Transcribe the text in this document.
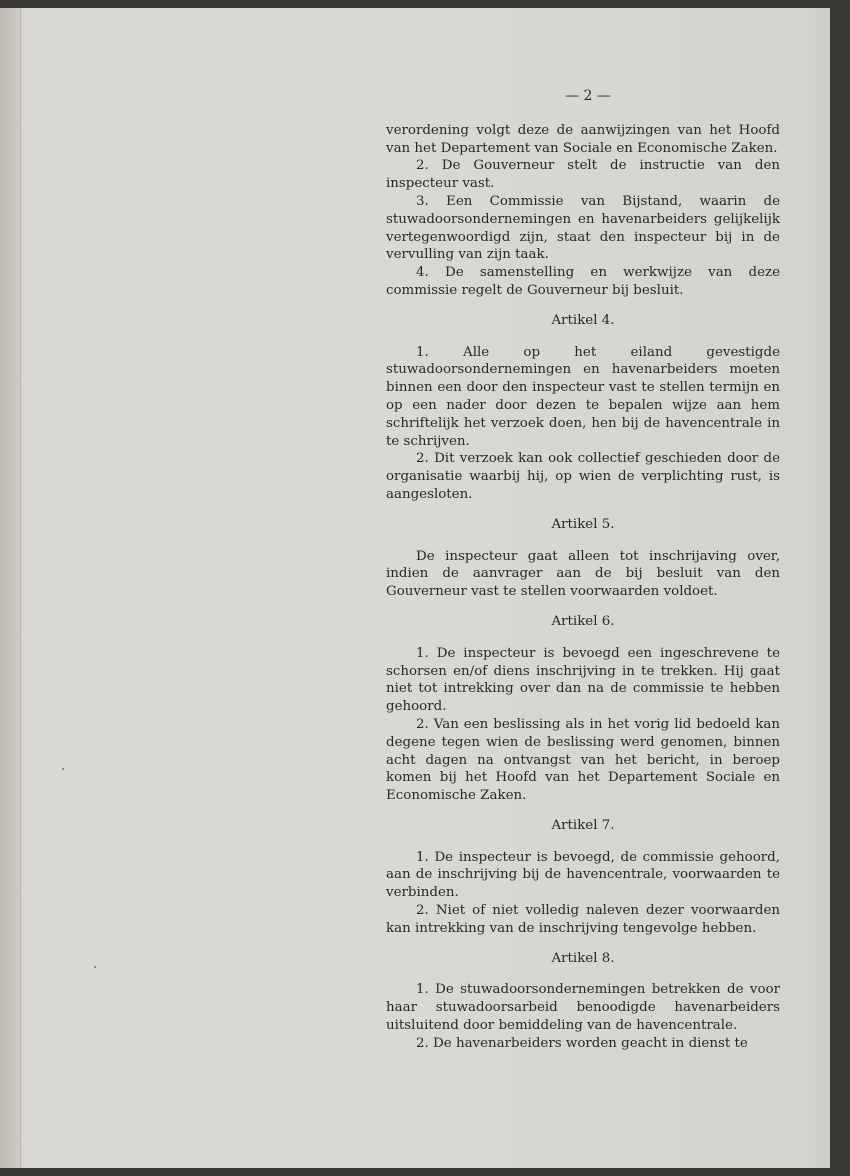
— 2 —

verordening volgt deze de aanwijzingen van het Hoofd van het Departement van Sociale en Economische Zaken.

2. De Gouverneur stelt de instructie van den inspecteur vast.

3. Een Commissie van Bijstand, waarin de stuwadoorsondernemingen en havenarbeiders gelijkelijk vertegenwoordigd zijn, staat den inspecteur bij in de vervulling van zijn taak.

4. De samenstelling en werkwijze van deze commissie regelt de Gouverneur bij besluit.

Artikel 4.

1. Alle op het eiland gevestigde stuwadoorsondernemingen en havenarbeiders moeten binnen een door den inspecteur vast te stellen termijn en op een nader door dezen te bepalen wijze aan hem schriftelijk het verzoek doen, hen bij de havencentrale in te schrijven.

2. Dit verzoek kan ook collectief geschieden door de organisatie waarbij hij, op wien de verplichting rust, is aangesloten.

Artikel 5.

De inspecteur gaat alleen tot inschrijaving over, indien de aanvrager aan de bij besluit van den Gouverneur vast te stellen voorwaarden voldoet.

Artikel 6.

1. De inspecteur is bevoegd een ingeschrevene te schorsen en/of diens inschrijving in te trekken. Hij gaat niet tot intrekking over dan na de commissie te hebben gehoord.

2. Van een beslissing als in het vorig lid bedoeld kan degene tegen wien de beslissing werd genomen, binnen acht dagen na ontvangst van het bericht, in beroep komen bij het Hoofd van het Departement Sociale en Economische Zaken.

Artikel 7.

1. De inspecteur is bevoegd, de commissie gehoord, aan de inschrijving bij de havencentrale, voorwaarden te verbinden.

2. Niet of niet volledig naleven dezer voorwaarden kan intrekking van de inschrijving tengevolge hebben.

Artikel 8.

1. De stuwadoorsondernemingen betrekken de voor haar stuwadoorsarbeid benoodigde havenarbeiders uitsluitend door bemiddeling van de havencentrale.

2. De havenarbeiders worden geacht in dienst te
